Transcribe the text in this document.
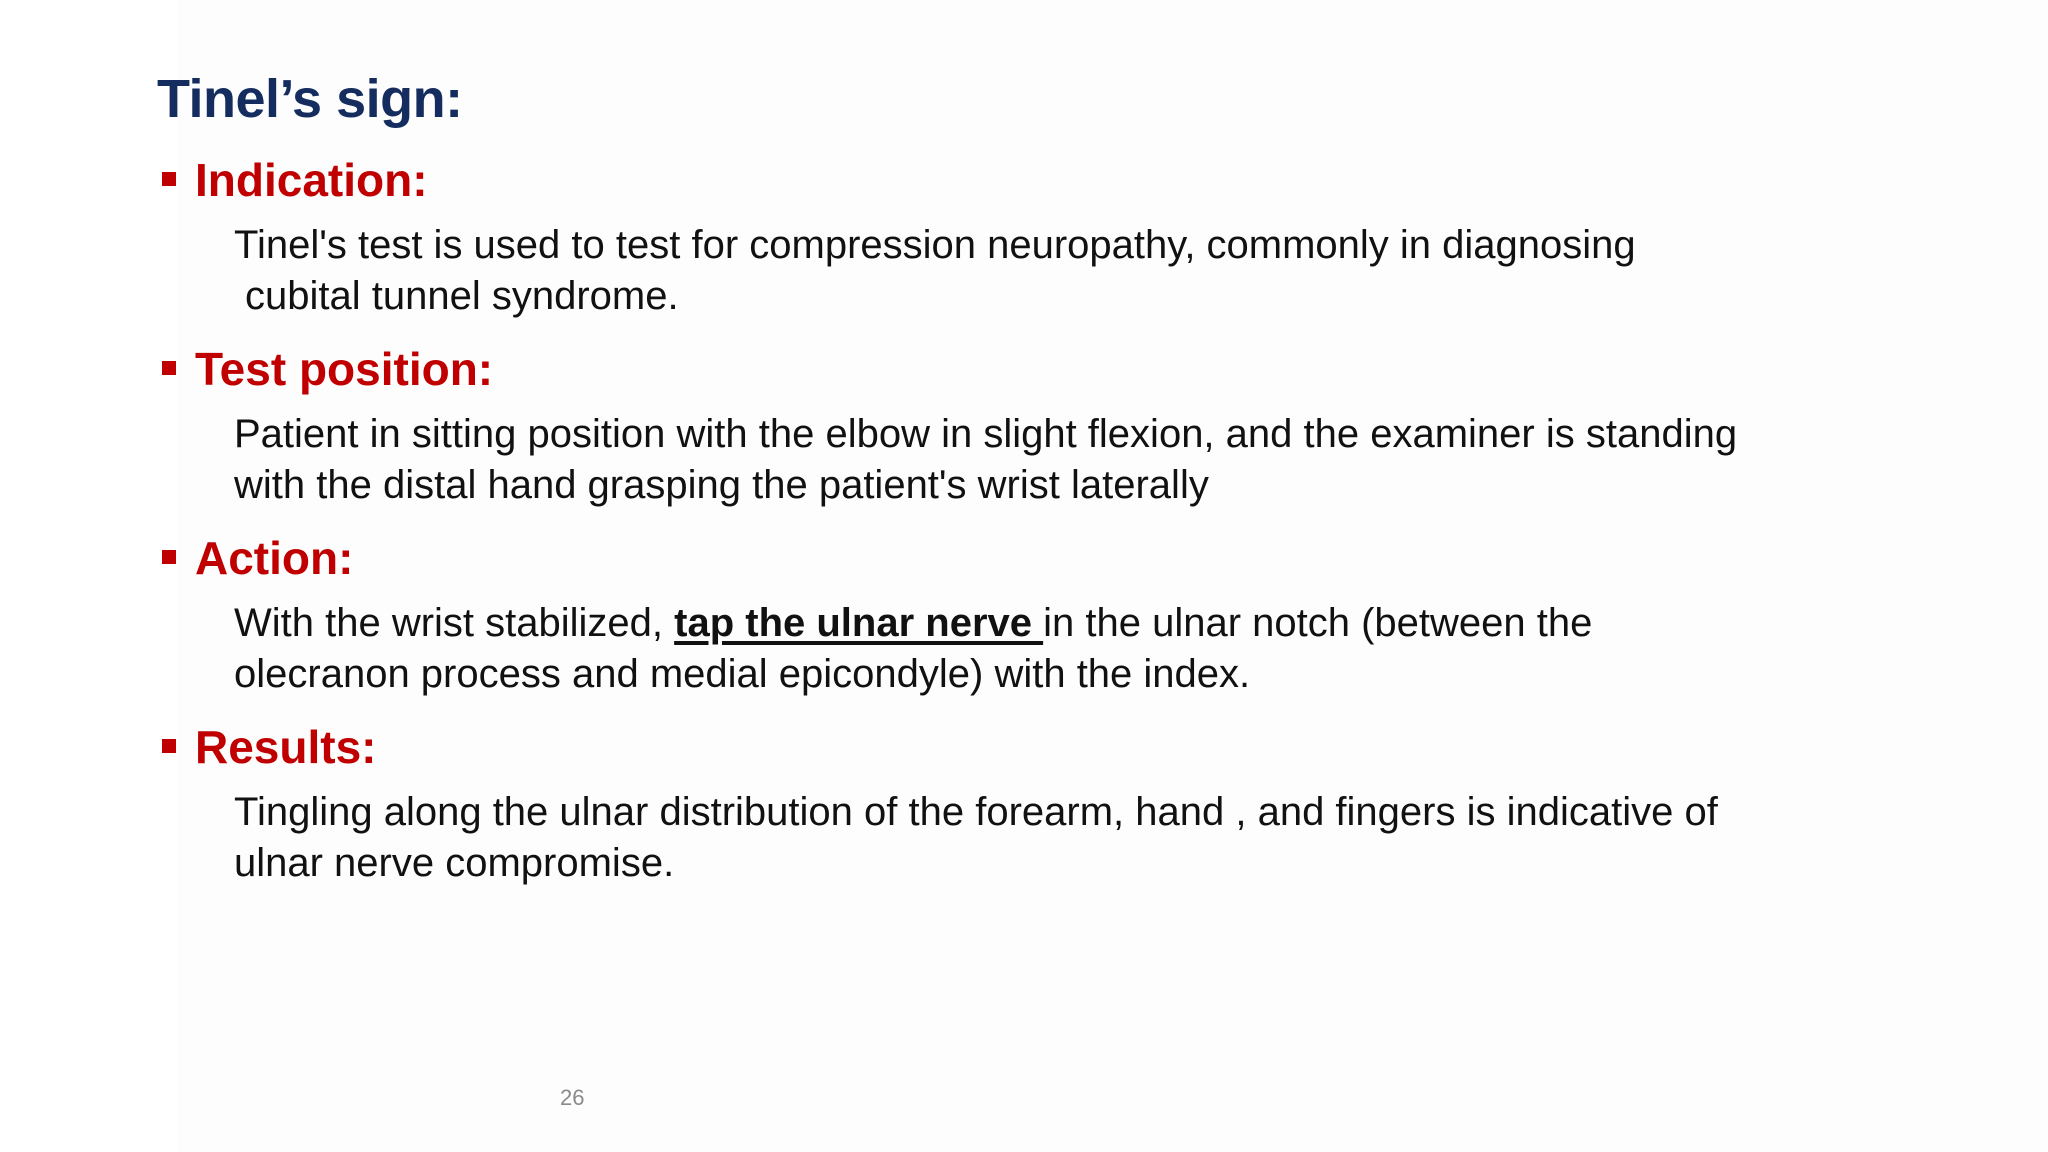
Tinel’s sign:
Indication:

Tinel's test is used to test for compression neuropathy, commonly in diagnosing
cubital tunnel syndrome.

Test position:

Patient in sitting position with the elbow in slight flexion, and the examiner is standing
with the distal hand grasping the patient's wrist laterally

Action:

With the wrist stabilized, tap the ulnar nerve in the ulnar notch (between the
olecranon process and medial epicondyle) with the index.

Results:

Tingling along the ulnar distribution of the forearm, hand , and fingers is indicative of
ulnar nerve compromise.

26
